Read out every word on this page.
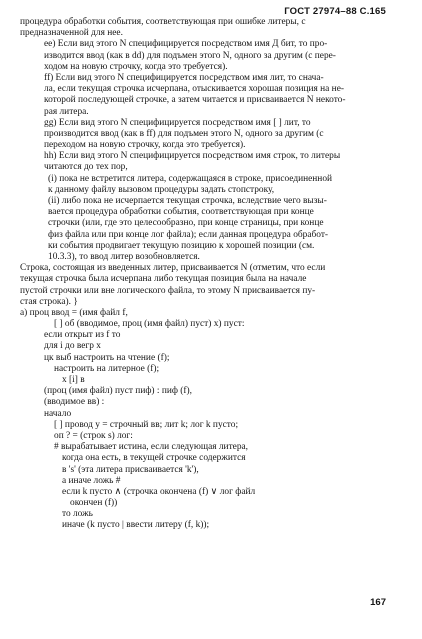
ГОСТ 27974–88 С.165
процедура обработки события, соответствующая при ошибке литеры, с
предназначенной для нее.
ее) Если вид этого N специфицируется посредством имя Д бит, то про-
изводится ввод (как в dd) для подъмен этого N, одного за другим (с пере-
ходом на новую строчку, когда это требуется).
ff) Если вид этого N специфицируется посредством имя лит, то снача-
ла, если текущая строчка исчерпана, отыскивается хорошая позиция на не-
которой последующей строчке, а затем читается и присваивается N некото-
рая литера.
gg) Если вид этого N специфицируется посредством имя [ ] лит, то
производится ввод (как в ff) для подъмен этого N, одного за другим (с
переходом на новую строчку, когда это требуется).
hh) Если вид этого N специфицируется посредством имя строк, то литеры
читаются до тех пор,
(i) пока не встретится литера, содержащаяся в строке, присоединенной
к данному файлу вызовом процедуры задать стопстроку,
(ii) либо пока не исчерпается текущая строчка, вследствие чего вызы-
вается процедура обработки события, соответствующая при конце
строчки (или, где это целесообразно, при конце страницы, при конце
физ файла или при конце лог файла); если данная процедура обработ-
ки события продвигает текущую позицию к хорошей позиции (см.
10.3.3), то ввод литер возобновляется.
Строка, состоящая из введенных литер, присваивается N (отметим, что если
текущая строчка была исчерпана либо текущая позиция была на начале
пустой строчки или вне логического файла, то этому N присваивается пу-
стая строка). }
а) проц ввод = (имя файл f,
[ ] об (вводимое, проц (имя файл) пуст) х) пуст:
если открыт из f то
для i до вегр х
цк выб настроить на чтение (f);
настроить на литерное (f);
х [i] в
(проц (имя файл) пуст пиф) : пиф (f),
(вводимое вв) :
начало
[ ] провод у = строчный вв; лит k; лог k пусто;
оп ? = (строк s) лог:
# вырабатывает истина, если следующая литера,
когда она есть, в текущей строчке содержится
в 's' (эта литера присваивается 'k'),
а иначе ложь #
если k пусто ∧ (строчка окончена (f) ∨ лог файл
окончен (f))
то ложь
иначе (k пусто | ввести литеру (f, k));
167
